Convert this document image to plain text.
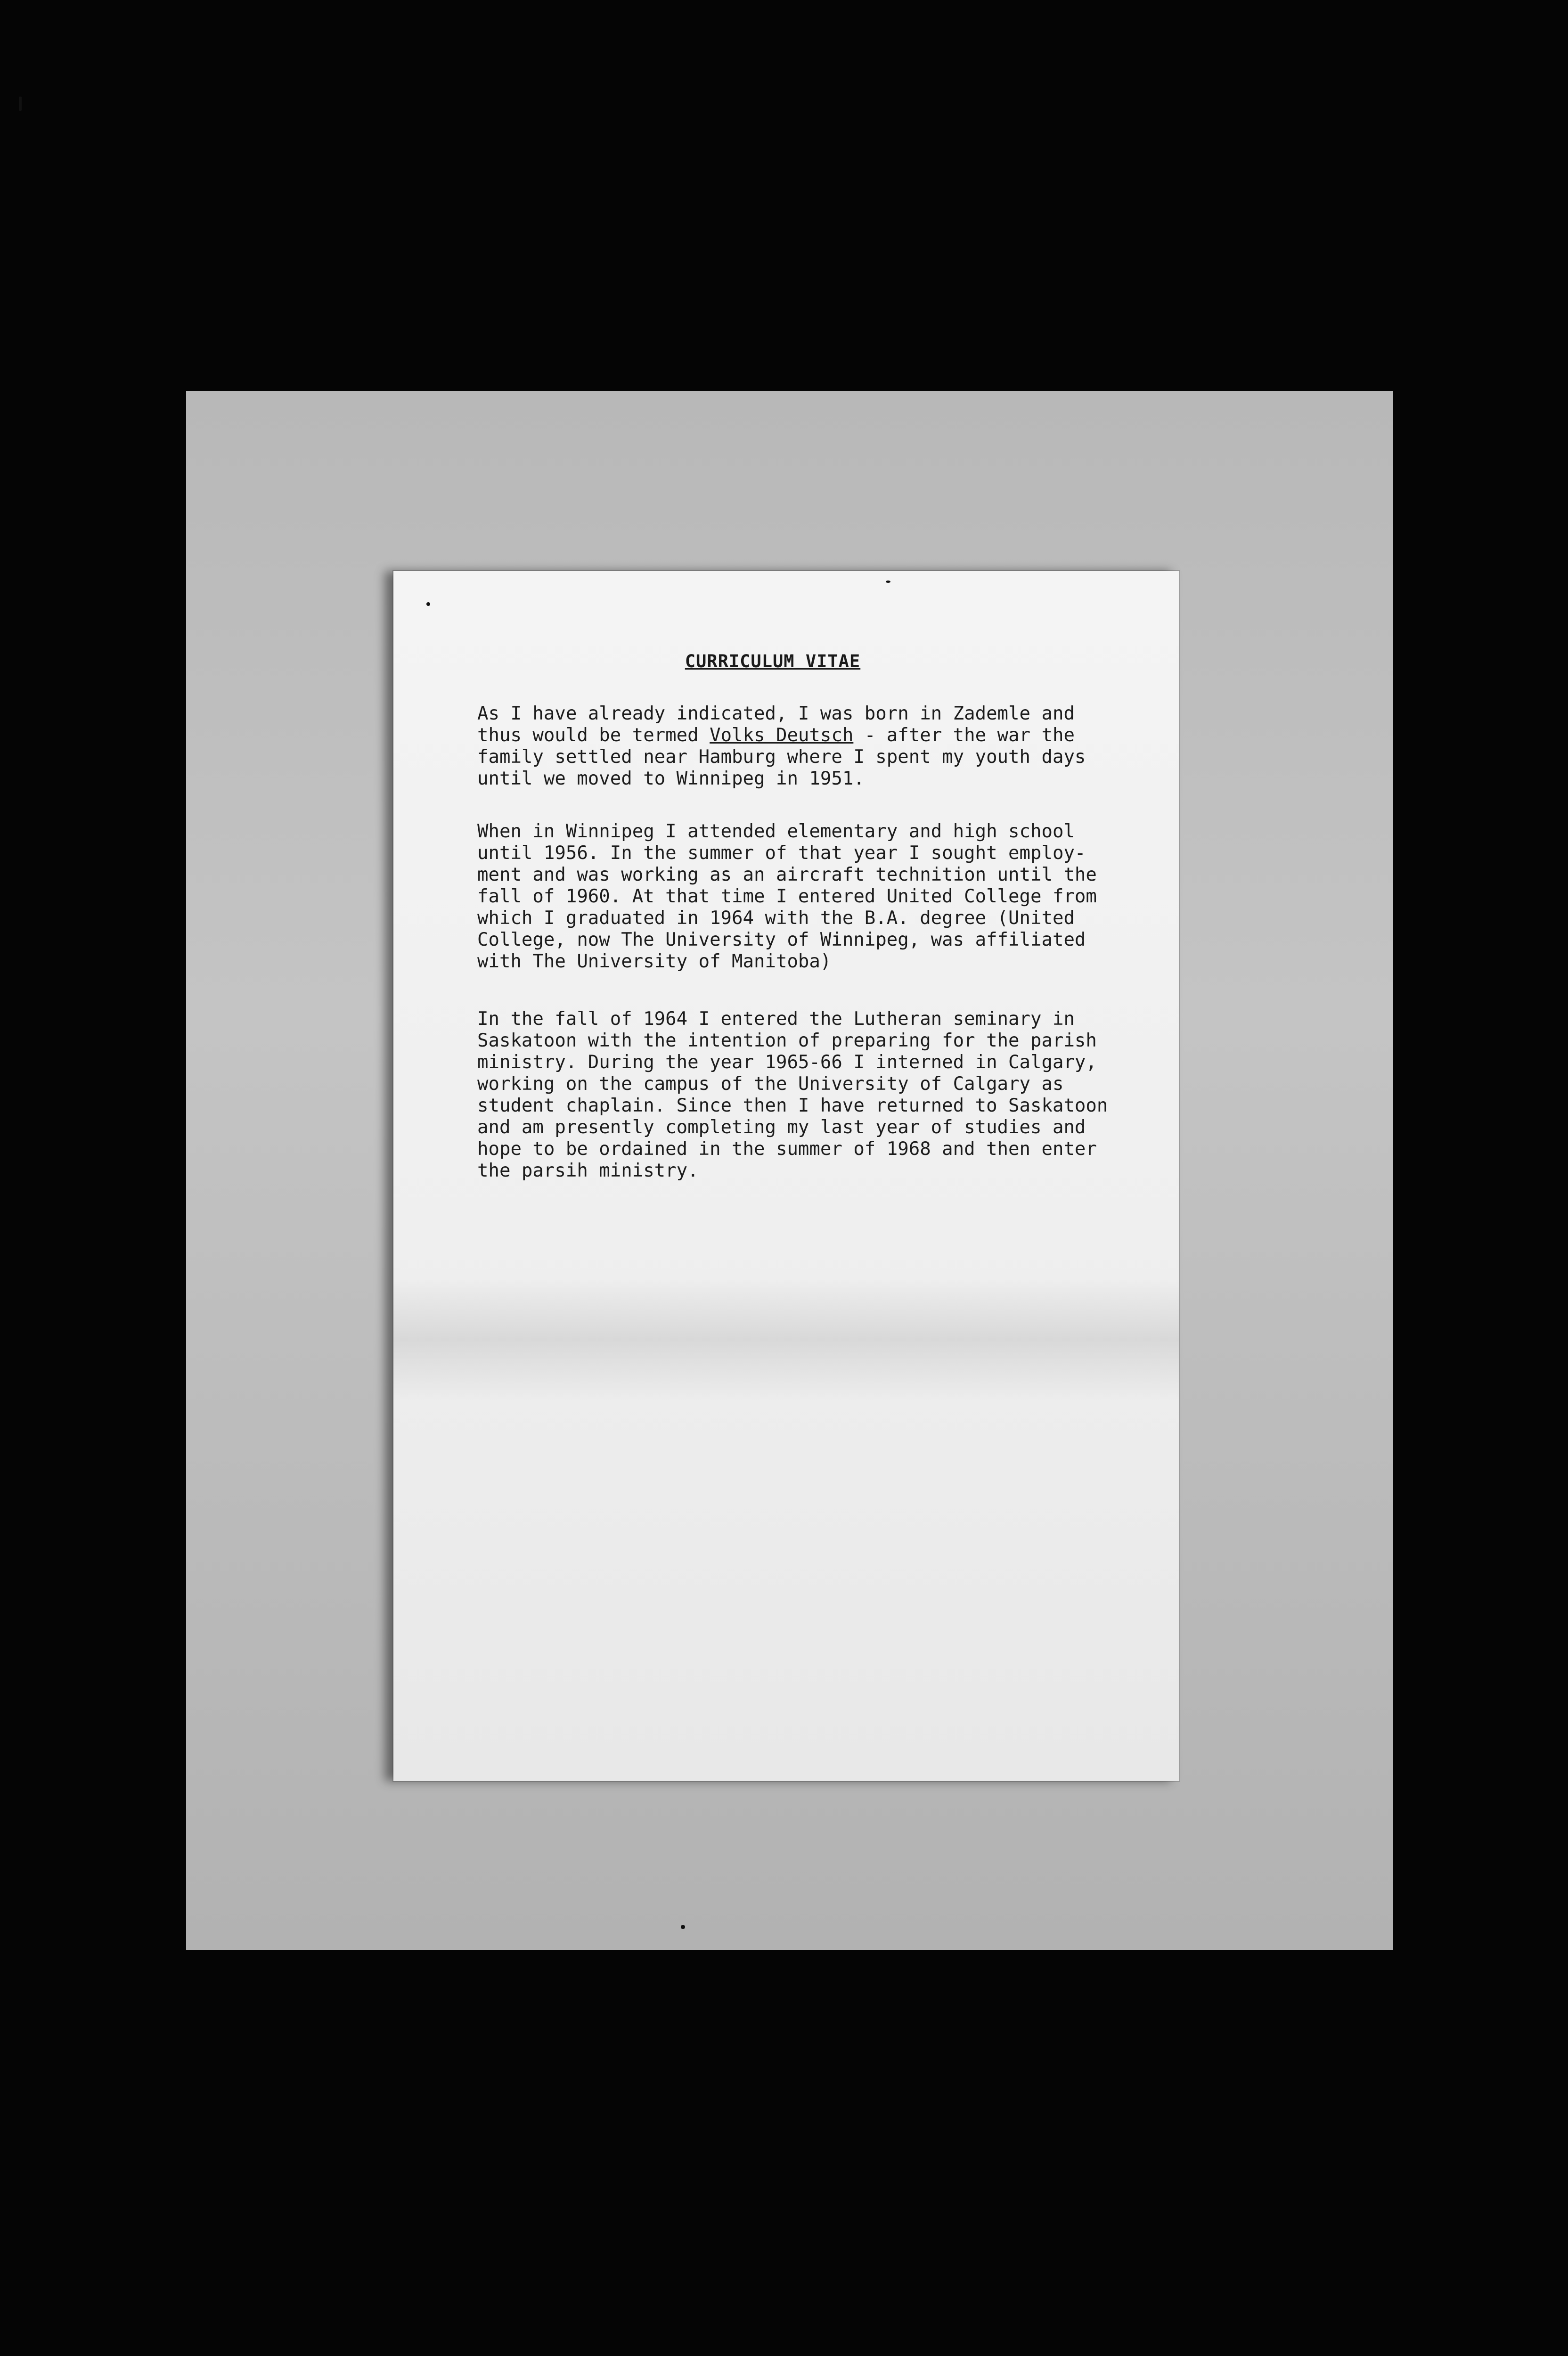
CURRICULUM VITAE
As I have already indicated, I was born in Zademle and
thus would be termed Volks Deutsch - after the war the
family settled near Hamburg where I spent my youth days
until we moved to Winnipeg in 1951.
When in Winnipeg I attended elementary and high school
until 1956. In the summer of that year I sought employ-
ment and was working as an aircraft technition until the
fall of 1960. At that time I entered United College from
which I graduated in 1964 with the B.A. degree (United
College, now The University of Winnipeg, was affiliated
with The University of Manitoba)
In the fall of 1964 I entered the Lutheran seminary in
Saskatoon with the intention of preparing for the parish
ministry. During the year 1965-66 I interned in Calgary,
working on the campus of the University of Calgary as
student chaplain. Since then I have returned to Saskatoon
and am presently completing my last year of studies and
hope to be ordained in the summer of 1968 and then enter
the parsih ministry.
